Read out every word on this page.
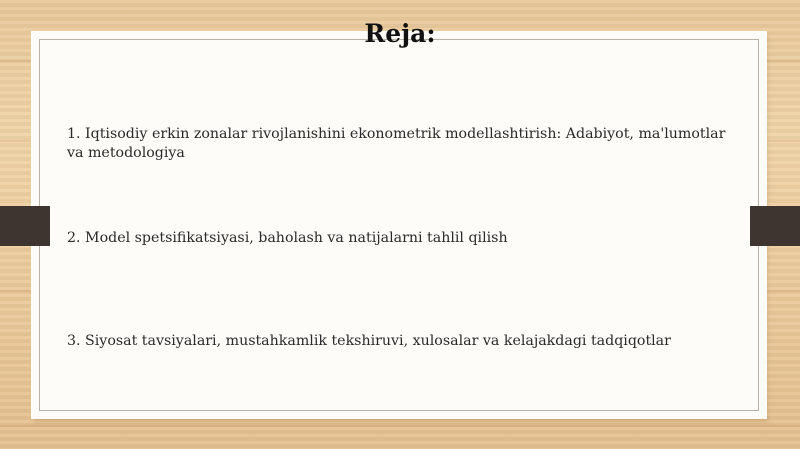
Reja:
1. Iqtisodiy erkin zonalar rivojlanishini ekonometrik modellashtirish: Adabiyot, ma'lumotlar va metodologiya
2. Model spetsifikatsiyasi, baholash va natijalarni tahlil qilish
3. Siyosat tavsiyalari, mustahkamlik tekshiruvi, xulosalar va kelajakdagi tadqiqotlar
